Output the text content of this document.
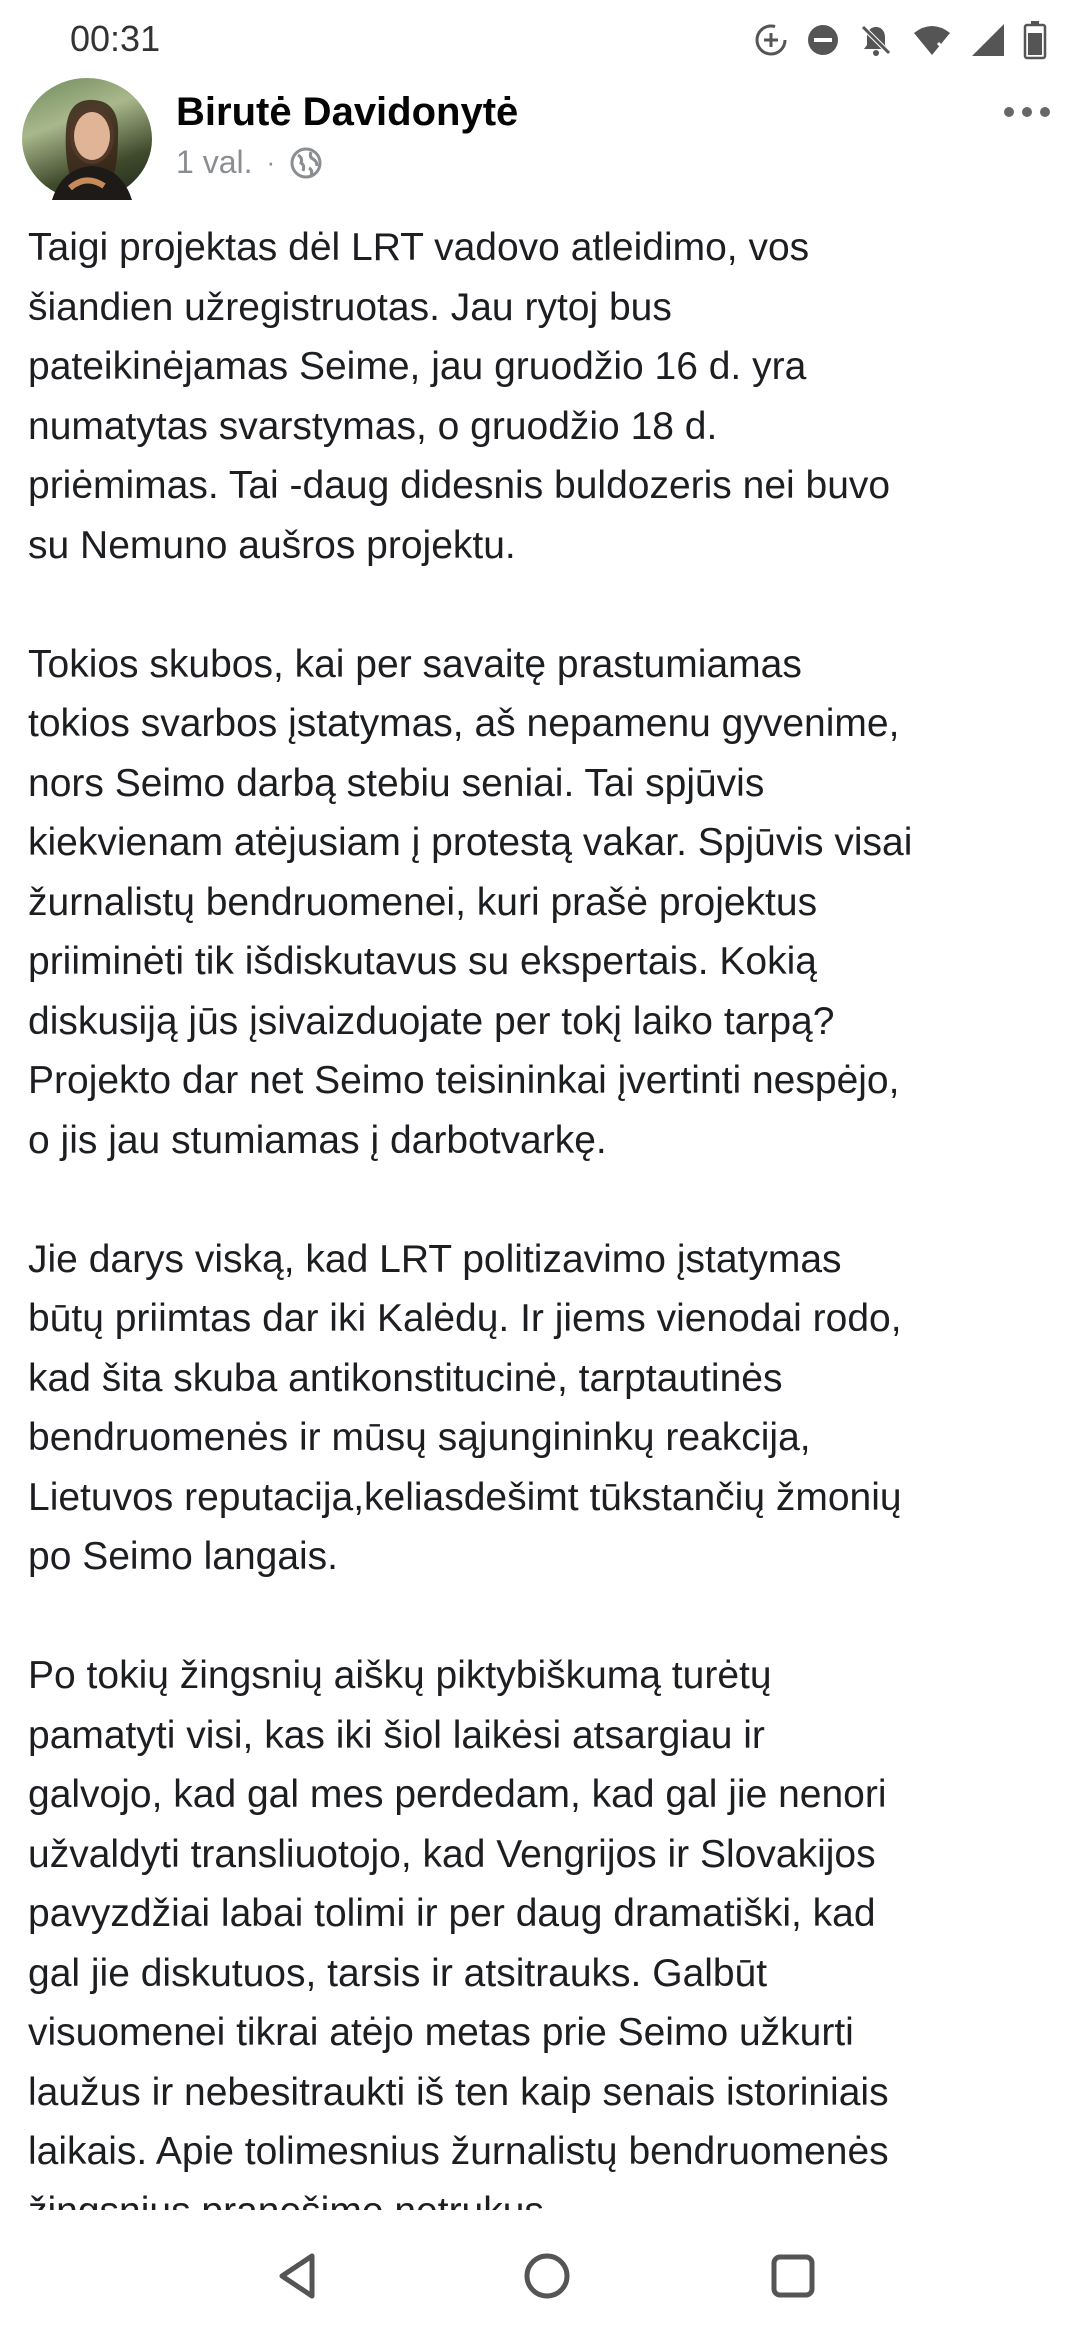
00:31
Birutė Davidonytė
1 val. ·

Taigi projektas dėl LRT vadovo atleidimo, vos
šiandien užregistruotas. Jau rytoj bus
pateikinėjamas Seime, jau gruodžio 16 d. yra
numatytas svarstymas, o gruodžio 18 d.
priėmimas. Tai -daug didesnis buldozeris nei buvo
su Nemuno aušros projektu.

Tokios skubos, kai per savaitę prastumiamas
tokios svarbos įstatymas, aš nepamenu gyvenime,
nors Seimo darbą stebiu seniai. Tai spjūvis
kiekvienam atėjusiam į protestą vakar. Spjūvis visai
žurnalistų bendruomenei, kuri prašė projektus
priiminėti tik išdiskutavus su ekspertais. Kokią
diskusiją jūs įsivaizduojate per tokį laiko tarpą?
Projekto dar net Seimo teisininkai įvertinti nespėjo,
o jis jau stumiamas į darbotvarkę.

Jie darys viską, kad LRT politizavimo įstatymas
būtų priimtas dar iki Kalėdų. Ir jiems vienodai rodo,
kad šita skuba antikonstitucinė, tarptautinės
bendruomenės ir mūsų sąjungininkų reakcija,
Lietuvos reputacija,keliasdešimt tūkstančių žmonių
po Seimo langais.

Po tokių žingsnių aiškų piktybiškumą turėtų
pamatyti visi, kas iki šiol laikėsi atsargiau ir
galvojo, kad gal mes perdedam, kad gal jie nenori
užvaldyti transliuotojo, kad Vengrijos ir Slovakijos
pavyzdžiai labai tolimi ir per daug dramatiški, kad
gal jie diskutuos, tarsis ir atsitrauks. Galbūt
visuomenei tikrai atėjo metas prie Seimo užkurti
laužus ir nebesitraukti iš ten kaip senais istoriniais
laikais. Apie tolimesnius žurnalistų bendruomenės
